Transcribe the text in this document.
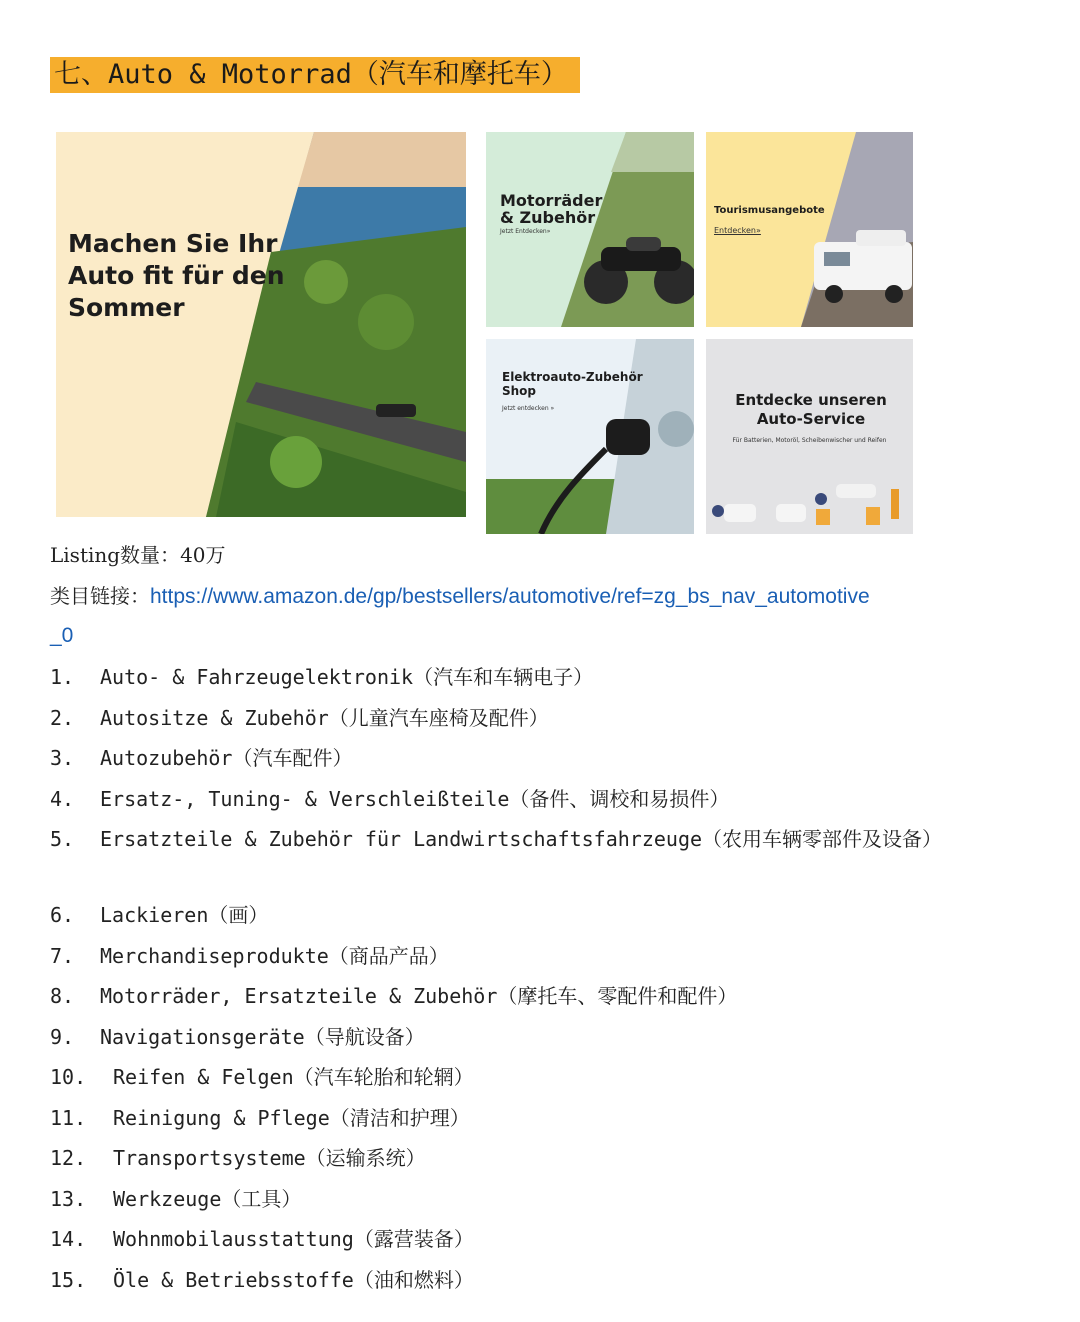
七、Auto & Motorrad（汽车和摩托车）
Machen Sie Ihr Auto fit für den Sommer
Motorräder & Zubehör
Jetzt Entdecken»
Tourismusangebote
Entdecken»
Elektroauto-Zubehör Shop
Jetzt entdecken »	Entdecke unseren Auto-Service
Für Batterien, Motoröl, Scheibenwischer und Reifen
Listing数量：40万
类目链接：https://www.amazon.de/gp/bestsellers/automotive/ref=zg_bs_nav_automotive
_0
1.	Auto- & Fahrzeugelektronik（汽车和车辆电子）
2.	Autositze & Zubehör（儿童汽车座椅及配件）
3.	Autozubehör（汽车配件）
4.	Ersatz-, Tuning- & Verschleißteile（备件、调校和易损件）
5. Ersatzteile & Zubehör für Landwirtschaftsfahrzeuge（农用车辆零部件及设备）
6.	Lackieren（画）
7.	Merchandiseprodukte（商品产品）
8.	Motorräder, Ersatzteile & Zubehör（摩托车、零配件和配件）
9.	Navigationsgeräte（导航设备）
10.	Reifen & Felgen（汽车轮胎和轮辋）
11.	Reinigung & Pflege（清洁和护理）
12.	Transportsysteme（运输系统）
13.	Werkzeuge（工具）
14.	Wohnmobilausstattung（露营装备）
15.	Öle & Betriebsstoffe（油和燃料）
